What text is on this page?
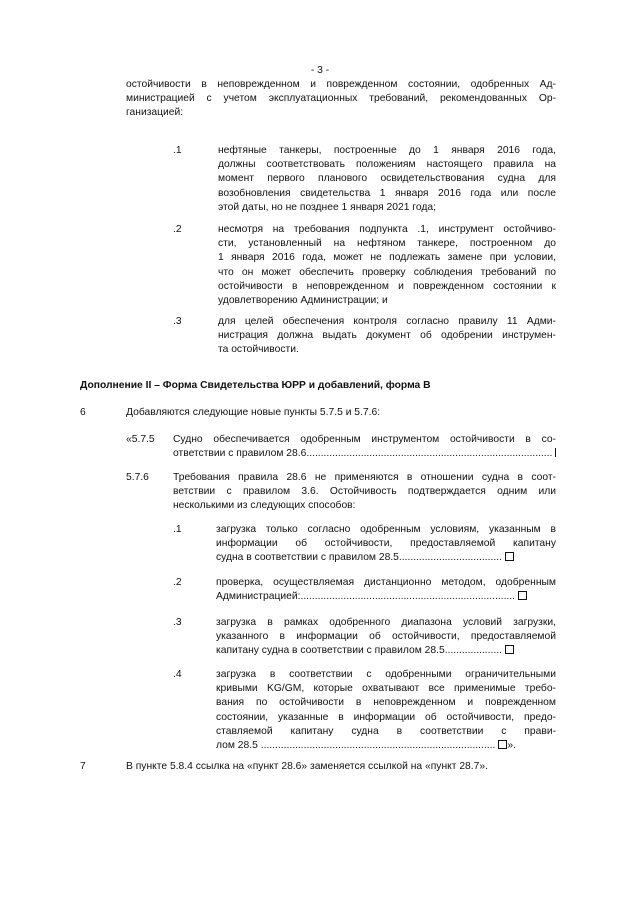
- 3 -
остойчивости в неповрежденном и поврежденном состоянии, одобренных Ад-
министрацией с учетом эксплуатационных требований, рекомендованных Ор-
ганизацией:
.1	нефтяные танкеры, построенные до 1 января 2016 года,
должны соответствовать положениям настоящего правила на
момент первого планового освидетельствования судна для
возобновления свидетельства 1 января 2016 года или после
этой даты, но не позднее 1 января 2021 года;
.2	несмотря на требования подпункта .1, инструмент остойчиво-
сти, установленный на нефтяном танкере, построенном до
1 января 2016 года, может не подлежать замене при условии,
что он может обеспечить проверку соблюдения требований по
остойчивости в неповрежденном и поврежденном состоянии к
удовлетворению Администрации; и
.3	для целей обеспечения контроля согласно правилу 11 Адми-
нистрация должна выдать документ об одобрении инструмен-
та остойчивости.
Дополнение II – Форма Свидетельства ЮРР и добавлений, форма B
6	Добавляются следующие новые пункты 5.7.5 и 5.7.6:
«5.7.5 Судно обеспечивается одобренным инструментом остойчивости в со-
ответствии с правилом 28.6......................................................................................
5.7.6 Требования правила 28.6 не применяются в отношении судна в соот-
ветствии с правилом 3.6. Остойчивость подтверждается одним или
несколькими из следующих способов:
.1	загрузка только согласно одобренным условиям, указанным в
информации об остойчивости, предоставляемой капитану
судна в соответствии с правилом 28.5....................................
.2	проверка, осуществляемая дистанционно методом, одобренным
Администрацией:...........................................................................
.3	загрузка в рамках одобренного диапазона условий загрузки,
указанного в информации об остойчивости, предоставляемой
капитану судна в соответствии с правилом 28.5....................
.4	загрузка в соответствии с одобренными ограничительными
кривыми KG/GM, которые охватывают все применимые требо-
вания по остойчивости в неповрежденном и поврежденном
состоянии, указанные в информации об остойчивости, предо-
ставляемой капитану судна в соответствии с прави-
лом 28.5 .................................................................................. ».
7	В пункте 5.8.4 ссылка на «пункт 28.6» заменяется ссылкой на «пункт 28.7».
